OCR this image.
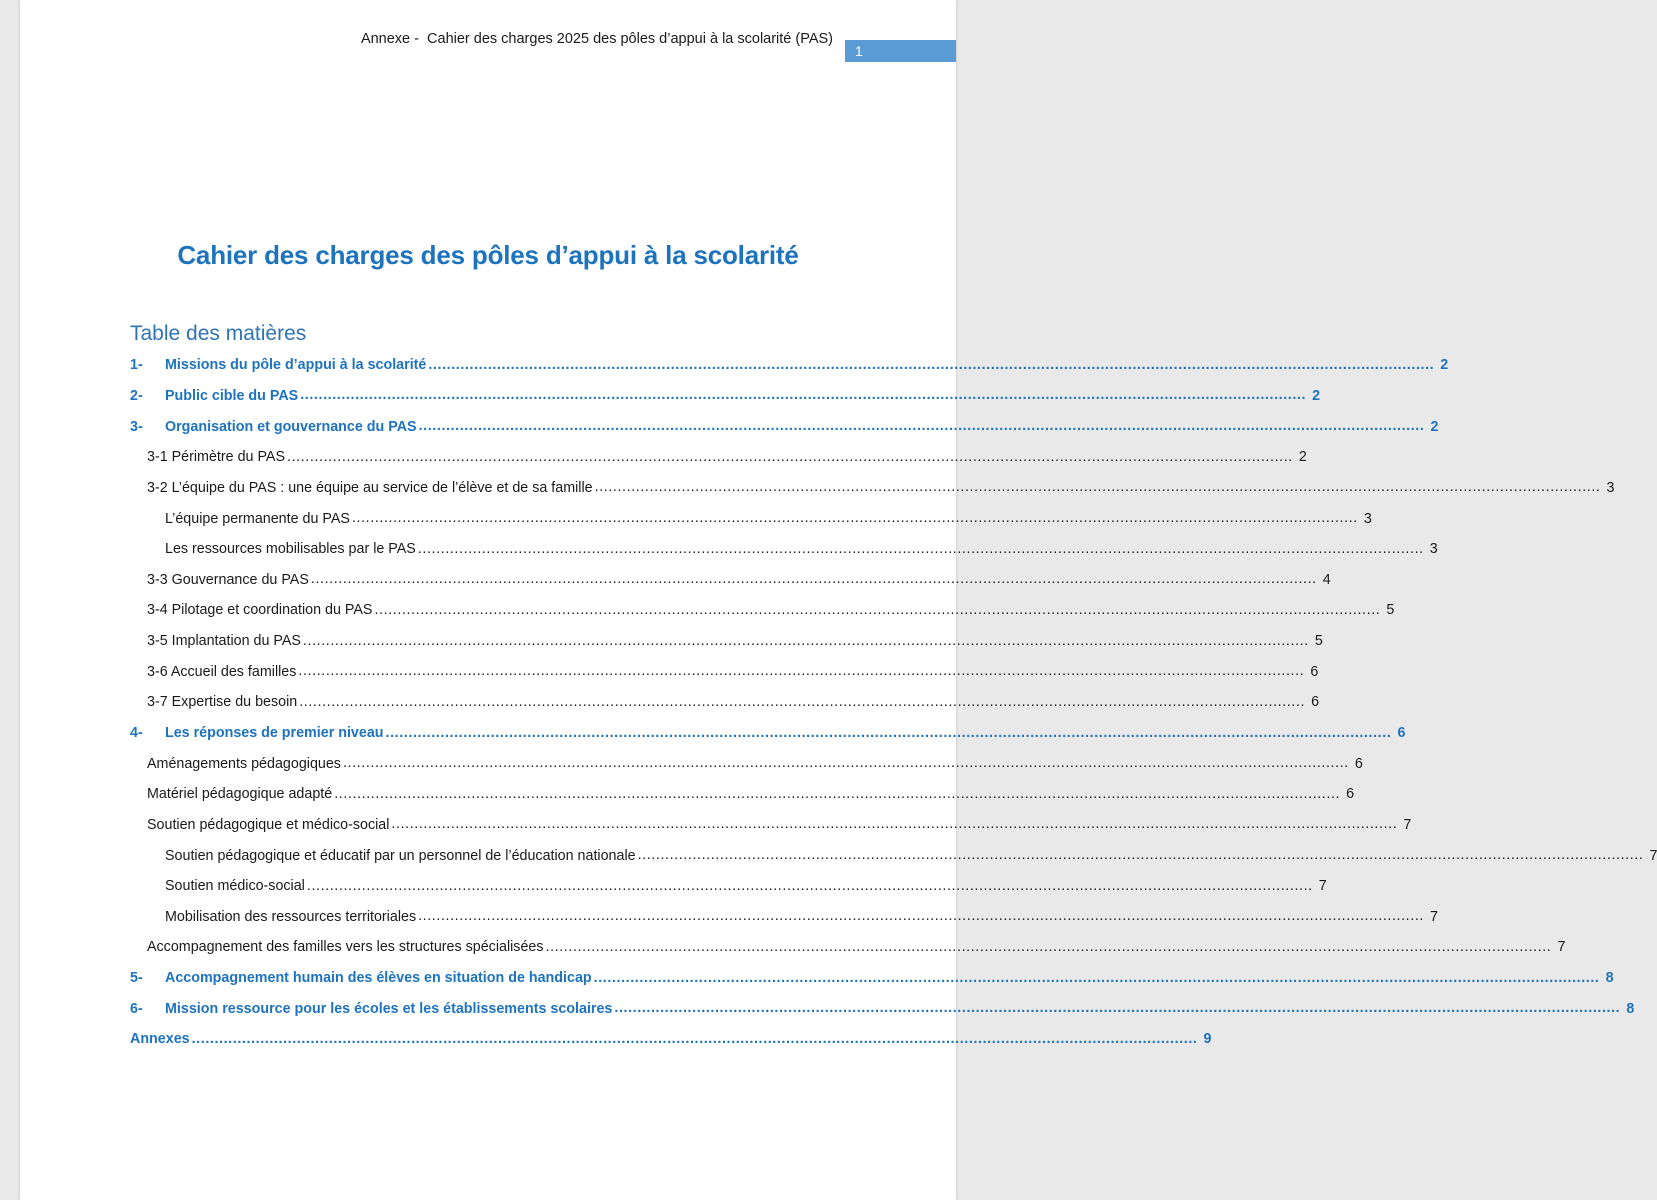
Annexe -  Cahier des charges 2025 des pôles d’appui à la scolarité (PAS)
1
Cahier des charges des pôles d’appui à la scolarité
Table des matières
1-	Missions du pôle d’appui à la scolarité ............................................................................................................................................................................................................................ 2
2-	Public cible du PAS ............................................................................................................................................................................................................................ 2
3-	Organisation et gouvernance du PAS ............................................................................................................................................................................................................................ 2
3-1 Périmètre du PAS ............................................................................................................................................................................................................................ 2
3-2 L’équipe du PAS : une équipe au service de l’élève et de sa famille ............................................................................................................................................................................................................................ 3
L’équipe permanente du PAS ............................................................................................................................................................................................................................ 3
Les ressources mobilisables par le PAS ............................................................................................................................................................................................................................ 3
3-3 Gouvernance du PAS ............................................................................................................................................................................................................................ 4
3-4 Pilotage et coordination du PAS ............................................................................................................................................................................................................................ 5
3-5 Implantation du PAS ............................................................................................................................................................................................................................ 5
3-6 Accueil des familles ............................................................................................................................................................................................................................ 6
3-7 Expertise du besoin ............................................................................................................................................................................................................................ 6
4-	Les réponses de premier niveau ............................................................................................................................................................................................................................ 6
Aménagements pédagogiques ............................................................................................................................................................................................................................ 6
Matériel pédagogique adapté ............................................................................................................................................................................................................................ 6
Soutien pédagogique et médico-social ............................................................................................................................................................................................................................ 7
Soutien pédagogique et éducatif par un personnel de l’éducation nationale ............................................................................................................................................................................................................................ 7
Soutien médico-social ............................................................................................................................................................................................................................ 7
Mobilisation des ressources territoriales ............................................................................................................................................................................................................................ 7
Accompagnement des familles vers les structures spécialisées ............................................................................................................................................................................................................................ 7
5-	Accompagnement humain des élèves en situation de handicap ............................................................................................................................................................................................................................ 8
6-	Mission ressource pour les écoles et les établissements scolaires ............................................................................................................................................................................................................................ 8
Annexes ............................................................................................................................................................................................................................ 9
